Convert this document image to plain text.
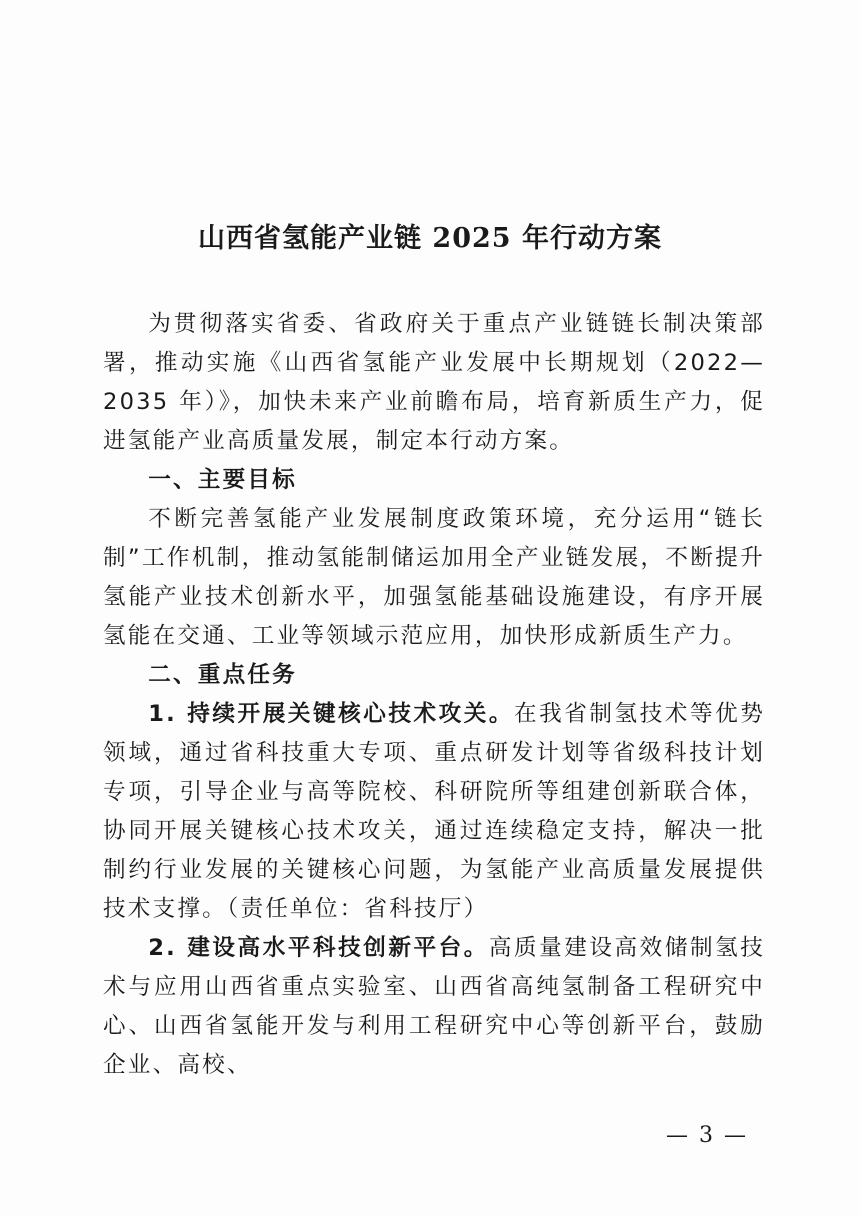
山西省氢能产业链 2025 年行动方案

为贯彻落实省委、省政府关于重点产业链链长制决策部署，推动实施《山西省氢能产业发展中长期规划（2022—2035 年）》，加快未来产业前瞻布局，培育新质生产力，促进氢能产业高质量发展，制定本行动方案。

一、主要目标

不断完善氢能产业发展制度政策环境，充分运用“链长制”工作机制，推动氢能制储运加用全产业链发展，不断提升氢能产业技术创新水平，加强氢能基础设施建设，有序开展氢能在交通、工业等领域示范应用，加快形成新质生产力。

二、重点任务

1. 持续开展关键核心技术攻关。在我省制氢技术等优势领域，通过省科技重大专项、重点研发计划等省级科技计划专项，引导企业与高等院校、科研院所等组建创新联合体，协同开展关键核心技术攻关，通过连续稳定支持，解决一批制约行业发展的关键核心问题，为氢能产业高质量发展提供技术支撑。（责任单位：省科技厅）

2. 建设高水平科技创新平台。高质量建设高效储制氢技术与应用山西省重点实验室、山西省高纯氢制备工程研究中心、山西省氢能开发与利用工程研究中心等创新平台，鼓励企业、高校、

— 3 —
